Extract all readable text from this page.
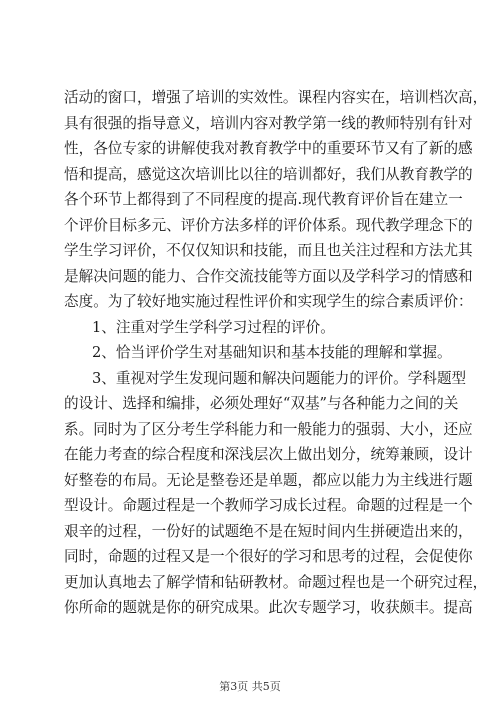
活动的窗口，增强了培训的实效性。课程内容实在，培训档次高，
具有很强的指导意义，培训内容对教学第一线的教师特别有针对
性，各位专家的讲解使我对教育教学中的重要环节又有了新的感
悟和提高，感觉这次培训比以往的培训都好，我们从教育教学的
各个环节上都得到了不同程度的提高.现代教育评价旨在建立一
个评价目标多元、评价方法多样的评价体系。现代教学理念下的
学生学习评价，不仅仅知识和技能，而且也关注过程和方法尤其
是解决问题的能力、合作交流技能等方面以及学科学习的情感和
态度。为了较好地实施过程性评价和实现学生的综合素质评价：
1、注重对学生学科学习过程的评价。
2、恰当评价学生对基础知识和基本技能的理解和掌握。
3、重视对学生发现问题和解决问题能力的评价。学科题型
的设计、选择和编排，必须处理好“双基”与各种能力之间的关
系。同时为了区分考生学科能力和一般能力的强弱、大小，还应
在能力考查的综合程度和深浅层次上做出划分，统筹兼顾，设计
好整卷的布局。无论是整卷还是单题，都应以能力为主线进行题
型设计。命题过程是一个教师学习成长过程。命题的过程是一个
艰辛的过程，一份好的试题绝不是在短时间内生拼硬造出来的，
同时，命题的过程又是一个很好的学习和思考的过程，会促使你
更加认真地去了解学情和钻研教材。命题过程也是一个研究过程，
你所命的题就是你的研究成果。此次专题学习，收获颇丰。提高
第3页 共5页
